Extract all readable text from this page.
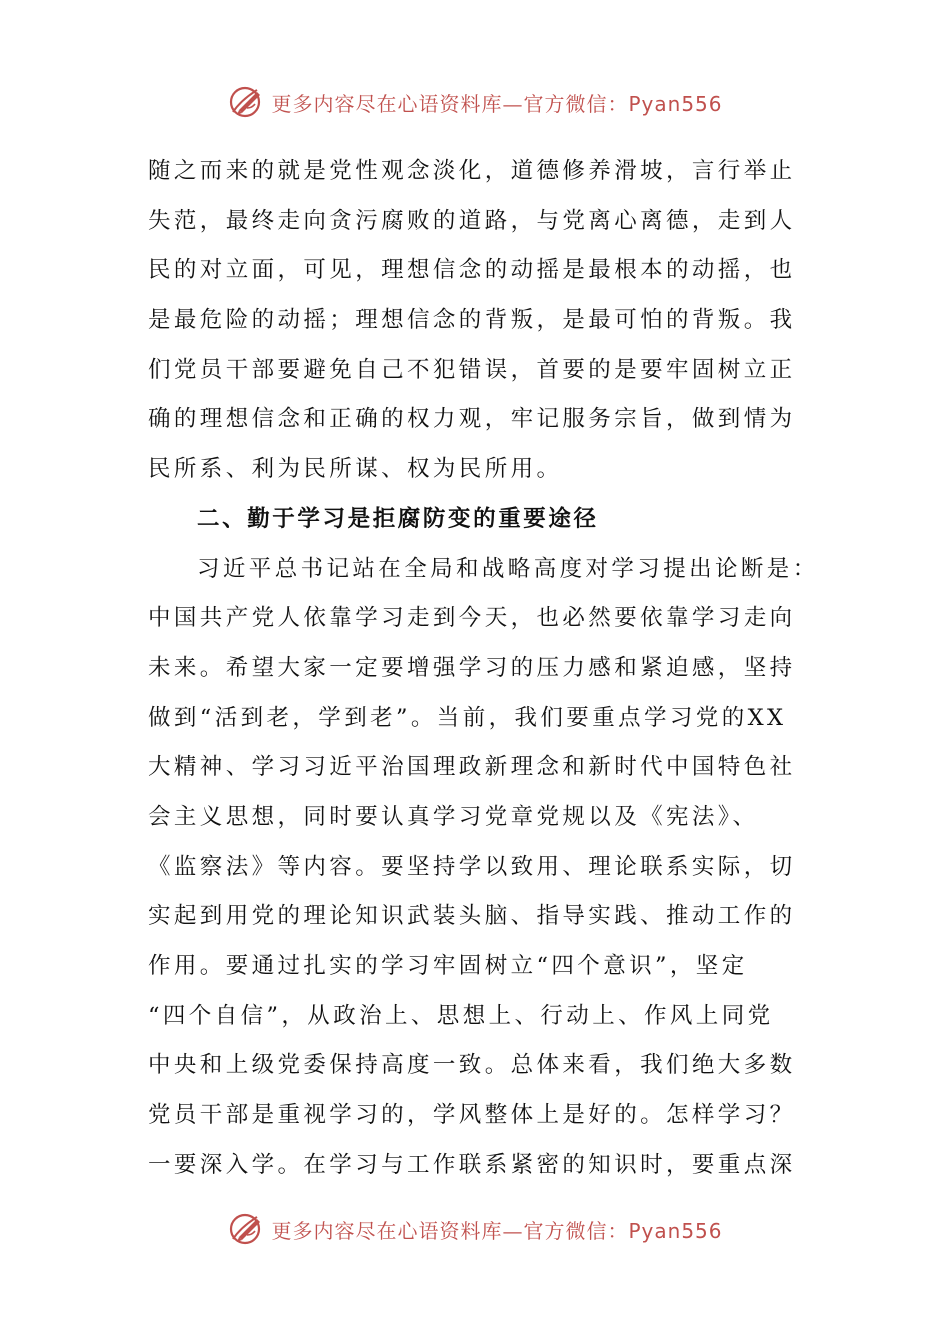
更多内容尽在心语资料库—官方微信：Pyan556
随之而来的就是党性观念淡化，道德修养滑坡，言行举止
失范，最终走向贪污腐败的道路，与党离心离德，走到人
民的对立面，可见，理想信念的动摇是最根本的动摇，也
是最危险的动摇；理想信念的背叛，是最可怕的背叛。我
们党员干部要避免自己不犯错误，首要的是要牢固树立正
确的理想信念和正确的权力观，牢记服务宗旨，做到情为
民所系、利为民所谋、权为民所用。
二、勤于学习是拒腐防变的重要途径
习近平总书记站在全局和战略高度对学习提出论断是：
中国共产党人依靠学习走到今天，也必然要依靠学习走向
未来。希望大家一定要增强学习的压力感和紧迫感，坚持
做到“活到老，学到老”。当前，我们要重点学习党的XX
大精神、学习习近平治国理政新理念和新时代中国特色社
会主义思想，同时要认真学习党章党规以及《宪法》、
《监察法》等内容。要坚持学以致用、理论联系实际，切
实起到用党的理论知识武装头脑、指导实践、推动工作的
作用。要通过扎实的学习牢固树立“四个意识”，坚定
“四个自信”，从政治上、思想上、行动上、作风上同党
中央和上级党委保持高度一致。总体来看，我们绝大多数
党员干部是重视学习的，学风整体上是好的。怎样学习？
一要深入学。在学习与工作联系紧密的知识时，要重点深
更多内容尽在心语资料库—官方微信：Pyan556
